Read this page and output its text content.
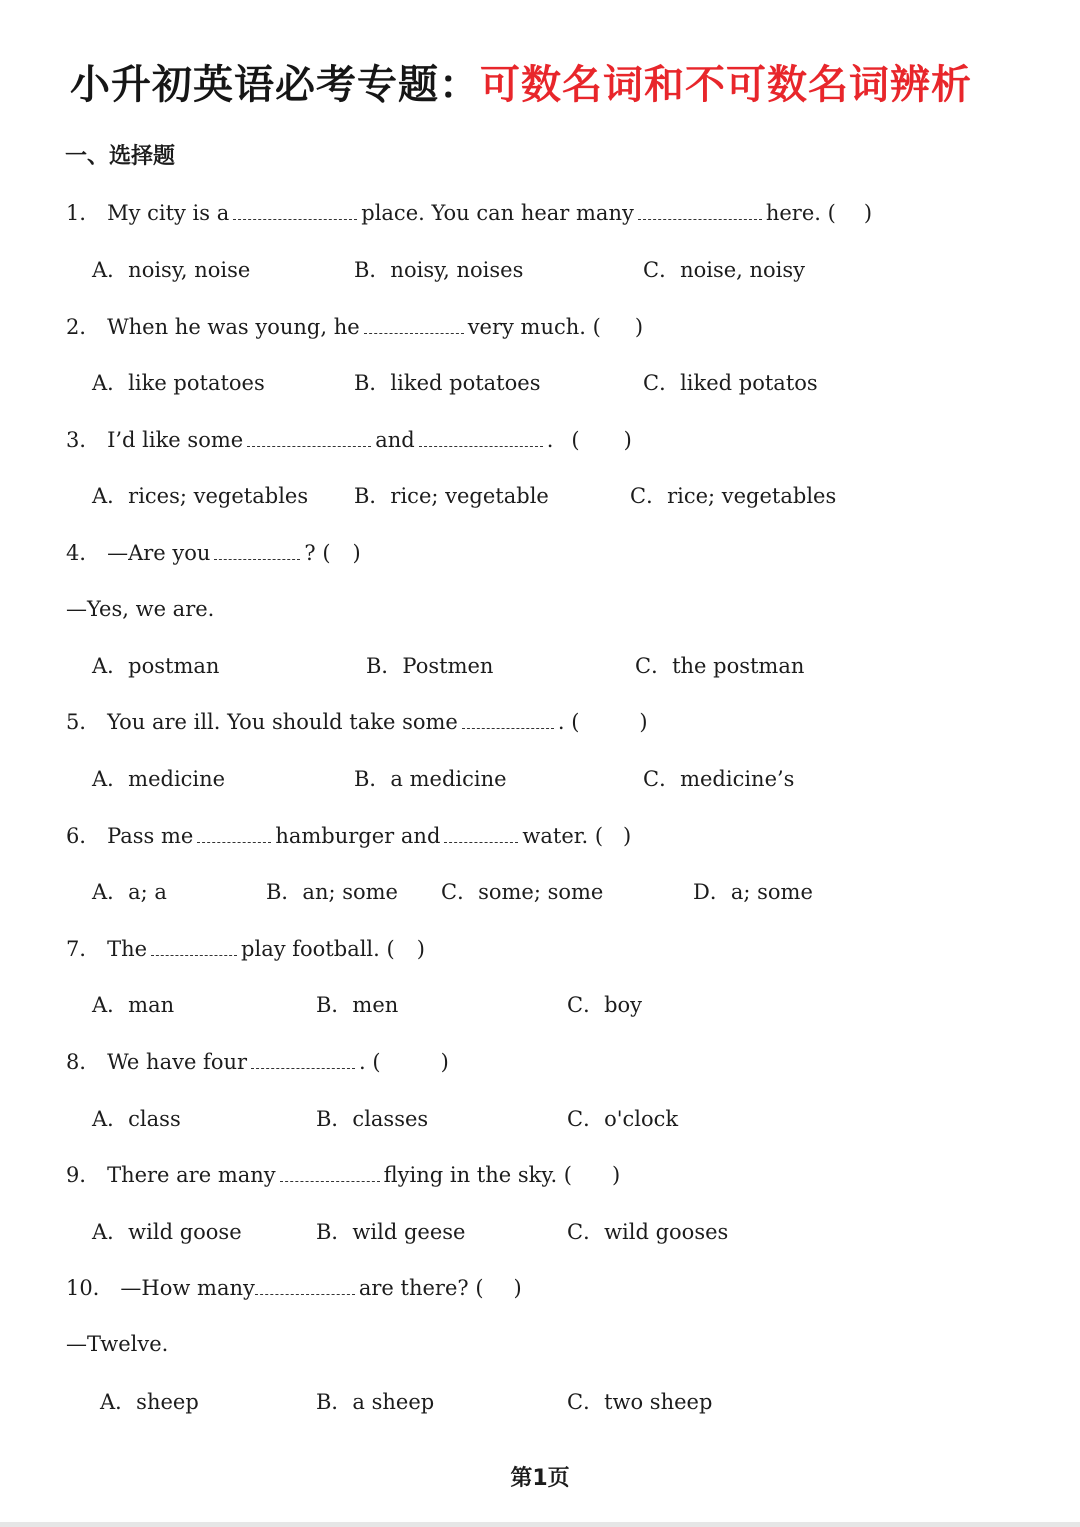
小升初英语必考专题：可数名词和不可数名词辨析
一、选择题
1． My city is a	place. You can hear many	here. ( )
A．noisy, noise	B．noisy, noises	C．noise, noisy
2． When he was young, he	very much. ( )
A．like potatoes	B．liked potatoes	C．liked potatos
3． I’d like some	and	. ( )
A．rices; vegetables B．rice; vegetable	C．rice; vegetables
4． —Are you	? ( )
—Yes, we are.
A．postman	B．Postmen	C．the postman
5． You are ill. You should take some	. (	)
A．medicine	B．a medicine	C．medicine’s
6． Pass me	hamburger and	water. ( )
A．a; a	B．an; some C．some; some	D．a; some
7． The	play football. ( )
A．man	B．men	C．boy
8． We have four	. (	)
A．class	B．classes	C．o'clock
9． There are many	flying in the sky. ( )
A．wild goose	B．wild geese	C．wild gooses
10． —How many	are there? ( )
—Twelve.
A．sheep	B．a sheep	C．two sheep
第1页
